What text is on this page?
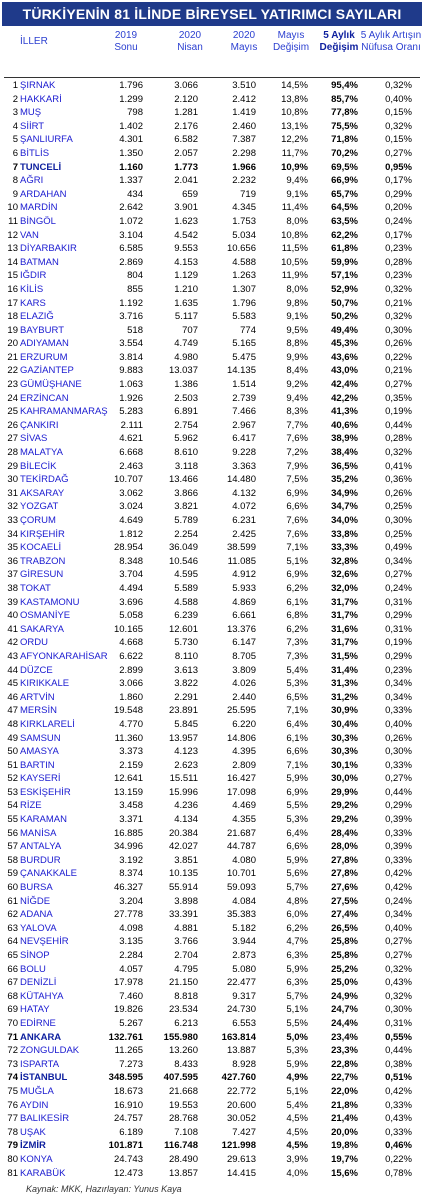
TÜRKİYENİN 81 İLİNDE BİREYSEL YATIRIMCI SAYILARI
İLLER
2019
Sonu
2020
Nisan
2020
Mayıs
Mayıs
Değişim
5 Aylık
Değişim
5 Aylık Artışın
Nüfusa Oranı
1 ŞIRNAK	1.796	3.066	3.510	14,5% 95,4%	0,32%
2 HAKKARİ	1.299	2.120	2.412	13,8% 85,7%	0,40%
3 MUŞ	798	1.281	1.419	10,8% 77,8%	0,15%
4 SİİRT	1.402	2.176	2.460	13,1% 75,5%	0,32%
5 ŞANLIURFA	4.301	6.582	7.387	12,2% 71,8%	0,15%
6 BİTLİS	1.350	2.057	2.298	11,7% 70,2%	0,27%
7 TUNCELİ	1.160	1.773	1.966	10,9% 69,5%	0,95%
8 AĞRI	1.337	2.041	2.232	9,4% 66,9%	0,17%
9 ARDAHAN	434	659	719	9,1% 65,7%	0,29%
10 MARDİN	2.642	3.901	4.345	11,4% 64,5%	0,20%
11 BİNGÖL	1.072	1.623	1.753	8,0% 63,5%	0,24%
12 VAN	3.104	4.542	5.034	10,8% 62,2%	0,17%
13 DİYARBAKIR	6.585	9.553	10.656	11,5% 61,8%	0,23%
14 BATMAN	2.869	4.153	4.588	10,5% 59,9%	0,28%
15 IĞDIR	804	1.129	1.263	11,9% 57,1%	0,23%
16 KİLİS	855	1.210	1.307	8,0% 52,9%	0,32%
17 KARS	1.192	1.635	1.796	9,8% 50,7%	0,21%
18 ELAZIĞ	3.716	5.117	5.583	9,1% 50,2%	0,32%
19 BAYBURT	518	707	774	9,5% 49,4%	0,30%
20 ADIYAMAN	3.554	4.749	5.165	8,8% 45,3%	0,26%
21 ERZURUM	3.814	4.980	5.475	9,9% 43,6%	0,22%
22 GAZİANTEP	9.883	13.037	14.135	8,4% 43,0%	0,21%
23 GÜMÜŞHANE	1.063	1.386	1.514	9,2% 42,4%	0,27%
24 ERZİNCAN	1.926	2.503	2.739	9,4% 42,2%	0,35%
25 KAHRAMANMARAŞ 5.283	6.891	7.466	8,3% 41,3%	0,19%
26 ÇANKIRI	2.111	2.754	2.967	7,7% 40,6%	0,44%
27 SİVAS	4.621	5.962	6.417	7,6% 38,9%	0,28%
28 MALATYA	6.668	8.610	9.228	7,2% 38,4%	0,32%
29 BİLECİK	2.463	3.118	3.363	7,9% 36,5%	0,41%
30 TEKİRDAĞ	10.707	13.466	14.480	7,5% 35,2%	0,36%
31 AKSARAY	3.062	3.866	4.132	6,9% 34,9%	0,26%
32 YOZGAT	3.024	3.821	4.072	6,6% 34,7%	0,25%
33 ÇORUM	4.649	5.789	6.231	7,6% 34,0%	0,30%
34 KIRŞEHİR	1.812	2.254	2.425	7,6% 33,8%	0,25%
35 KOCAELİ	28.954	36.049	38.599	7,1% 33,3%	0,49%
36 TRABZON	8.348	10.546	11.085	5,1% 32,8%	0,34%
37 GİRESUN	3.704	4.595	4.912	6,9% 32,6%	0,27%
38 TOKAT	4.494	5.589	5.933	6,2% 32,0%	0,24%
39 KASTAMONU	3.696	4.588	4.869	6,1% 31,7%	0,31%
40 OSMANİYE	5.058	6.239	6.661	6,8% 31,7%	0,29%
41 SAKARYA	10.165	12.601	13.376	6,2% 31,6%	0,31%
42 ORDU	4.668	5.730	6.147	7,3% 31,7%	0,19%
43 AFYONKARAHİSAR 6.622	8.110	8.705	7,3% 31,5%	0,29%
44 DÜZCE	2.899	3.613	3.809	5,4% 31,4%	0,23%
45 KIRIKKALE	3.066	3.822	4.026	5,3% 31,3%	0,34%
46 ARTVİN	1.860	2.291	2.440	6,5% 31,2%	0,34%
47 MERSİN	19.548	23.891	25.595	7,1% 30,9%	0,33%
48 KIRKLARELİ	4.770	5.845	6.220	6,4% 30,4%	0,40%
49 SAMSUN	11.360	13.957	14.806	6,1% 30,3%	0,26%
50 AMASYA	3.373	4.123	4.395	6,6% 30,3%	0,30%
51 BARTIN	2.159	2.623	2.809	7,1% 30,1%	0,33%
52 KAYSERİ	12.641	15.511	16.427	5,9% 30,0%	0,27%
53 ESKİŞEHİR	13.159	15.996	17.098	6,9% 29,9%	0,44%
54 RİZE	3.458	4.236	4.469	5,5% 29,2%	0,29%
55 KARAMAN	3.371	4.134	4.355	5,3% 29,2%	0,39%
56 MANİSA	16.885	20.384	21.687	6,4% 28,4%	0,33%
57 ANTALYA	34.996	42.027	44.787	6,6% 28,0%	0,39%
58 BURDUR	3.192	3.851	4.080	5,9% 27,8%	0,33%
59 ÇANAKKALE	8.374	10.135	10.701	5,6% 27,8%	0,42%
60 BURSA	46.327	55.914	59.093	5,7% 27,6%	0,42%
61 NİĞDE	3.204	3.898	4.084	4,8% 27,5%	0,24%
62 ADANA	27.778	33.391	35.383	6,0% 27,4%	0,34%
63 YALOVA	4.098	4.881	5.182	6,2% 26,5%	0,40%
64 NEVŞEHİR	3.135	3.766	3.944	4,7% 25,8%	0,27%
65 SİNOP	2.284	2.704	2.873	6,3% 25,8%	0,27%
66 BOLU	4.057	4.795	5.080	5,9% 25,2%	0,32%
67 DENİZLİ	17.978	21.150	22.477	6,3% 25,0%	0,43%
68 KÜTAHYA	7.460	8.818	9.317	5,7% 24,9%	0,32%
69 HATAY	19.826	23.534	24.730	5,1% 24,7%	0,30%
70 EDİRNE	5.267	6.213	6.553	5,5% 24,4%	0,31%
71 ANKARA	132.761 155.980 163.814	5,0% 23,4%	0,55%
72 ZONGULDAK	11.265	13.260	13.887	5,3% 23,3%	0,44%
73 ISPARTA	7.273	8.433	8.928	5,9% 22,8%	0,38%
74 İSTANBUL	348.595 407.595 427.760	4,9% 22,7%	0,51%
75 MUĞLA	18.673	21.668	22.772	5,1% 22,0%	0,42%
76 AYDIN	16.910	19.553	20.600	5,4% 21,8%	0,33%
77 BALIKESİR	24.757	28.768	30.052	4,5% 21,4%	0,43%
78 UŞAK	6.189	7.108	7.427	4,5% 20,0%	0,33%
79 İZMİR	101.871 116.748 121.998	4,5% 19,8%	0,46%
80 KONYA	24.743	28.490	29.613	3,9% 19,7%	0,22%
81 KARABÜK	12.473	13.857	14.415	4,0% 15,6%	0,78%
Kaynak: MKK, Hazırlayan: Yunus Kaya
